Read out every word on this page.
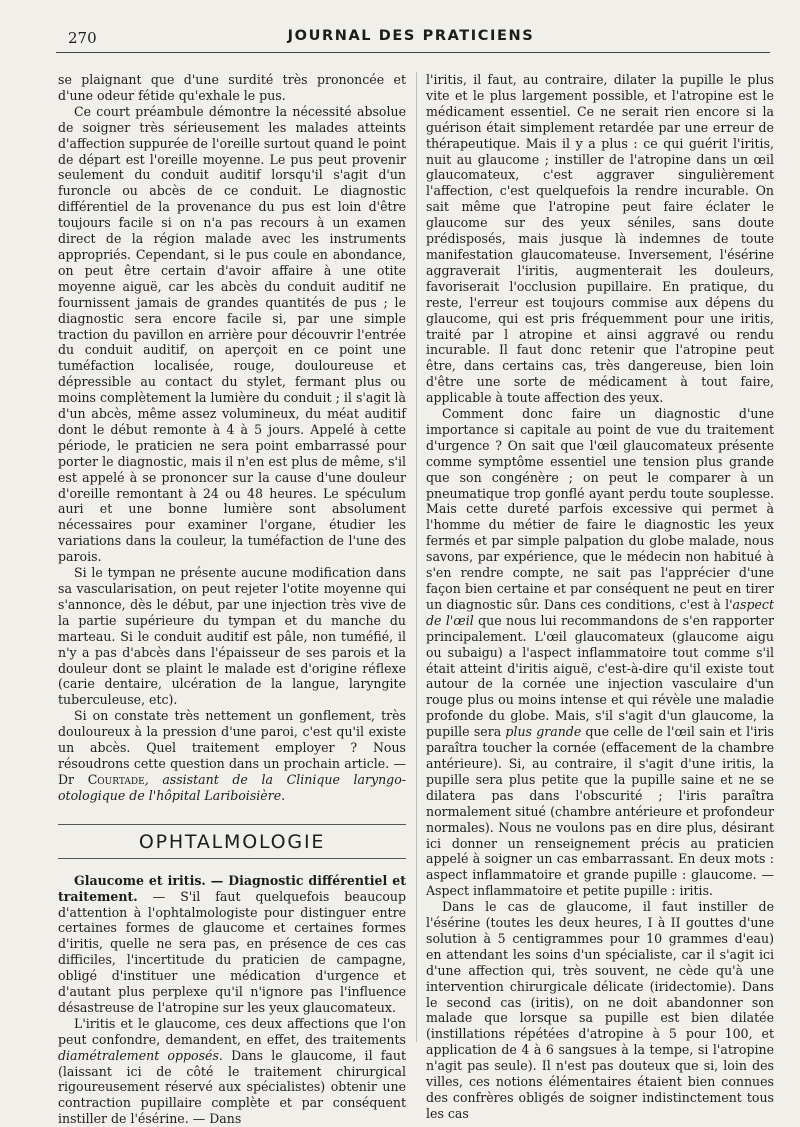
270	JOURNAL DES PRATICIENS

se plaignant que d'une surdité très prononcée et d'une odeur fétide qu'exhale le pus.

Ce court préambule démontre la nécessité absolue de soigner très sérieusement les malades atteints d'affection suppurée de l'oreille surtout quand le point de départ est l'oreille moyenne. Le pus peut provenir seulement du conduit auditif lorsqu'il s'agit d'un furoncle ou abcès de ce conduit. Le diagnostic différentiel de la provenance du pus est loin d'être toujours facile si on n'a pas recours à un examen direct de la région malade avec les instruments appropriés. Cependant, si le pus coule en abondance, on peut être certain d'avoir affaire à une otite moyenne aiguë, car les abcès du conduit auditif ne fournissent jamais de grandes quantités de pus ; le diagnostic sera encore facile si, par une simple traction du pavillon en arrière pour découvrir l'entrée du conduit auditif, on aperçoit en ce point une tuméfaction localisée, rouge, douloureuse et dépressible au contact du stylet, fermant plus ou moins complètement la lumière du conduit ; il s'agit là d'un abcès, même assez volumineux, du méat auditif dont le début remonte à 4 à 5 jours. Appelé à cette période, le praticien ne sera point embarrassé pour porter le diagnostic, mais il n'en est plus de même, s'il est appelé à se prononcer sur la cause d'une douleur d'oreille remontant à 24 ou 48 heures. Le spéculum auri et une bonne lumière sont absolument nécessaires pour examiner l'organe, étudier les variations dans la couleur, la tuméfaction de l'une des parois.

Si le tympan ne présente aucune modification dans sa vascularisation, on peut rejeter l'otite moyenne qui s'annonce, dès le début, par une injection très vive de la partie supérieure du tympan et du manche du marteau. Si le conduit auditif est pâle, non tuméfié, il n'y a pas d'abcès dans l'épaisseur de ses parois et la douleur dont se plaint le malade est d'origine réflexe (carie dentaire, ulcération de la langue, laryngite tuberculeuse, etc).

Si on constate très nettement un gonflement, très douloureux à la pression d'une paroi, c'est qu'il existe un abcès. Quel traitement employer ? Nous résoudrons cette question dans un prochain article. — Dr Courtade, assistant de la Clinique laryngo-otologique de l'hôpital Lariboisière.

OPHTALMOLOGIE

Glaucome et iritis. — Diagnostic différentiel et traitement. — S'il faut quelquefois beaucoup d'attention à l'ophtalmologiste pour distinguer entre certaines formes de glaucome et certaines formes d'iritis, quelle ne sera pas, en présence de ces cas difficiles, l'incertitude du praticien de campagne, obligé d'instituer une médication d'urgence et d'autant plus perplexe qu'il n'ignore pas l'influence désastreuse de l'atropine sur les yeux glaucomateux.

L'iritis et le glaucome, ces deux affections que l'on peut confondre, demandent, en effet, des traitements diamétralement opposés. Dans le glaucome, il faut (laissant ici de côté le traitement chirurgical rigoureusement réservé aux spécialistes) obtenir une contraction pupillaire complète et par conséquent instiller de l'ésérine. — Dans

l'iritis, il faut, au contraire, dilater la pupille le plus vite et le plus largement possible, et l'atropine est le médicament essentiel. Ce ne serait rien encore si la guérison était simplement retardée par une erreur de thérapeutique. Mais il y a plus : ce qui guérit l'iritis, nuit au glaucome ; instiller de l'atropine dans un œil glaucomateux, c'est aggraver singulièrement l'affection, c'est quelquefois la rendre incurable. On sait même que l'atropine peut faire éclater le glaucome sur des yeux séniles, sans doute prédisposés, mais jusque là indemnes de toute manifestation glaucomateuse. Inversement, l'ésérine aggraverait l'iritis, augmenterait les douleurs, favoriserait l'occlusion pupillaire. En pratique, du reste, l'erreur est toujours commise aux dépens du glaucome, qui est pris fréquemment pour une iritis, traité par l atropine et ainsi aggravé ou rendu incurable. Il faut donc retenir que l'atropine peut être, dans certains cas, très dangereuse, bien loin d'être une sorte de médicament à tout faire, applicable à toute affection des yeux.

Comment donc faire un diagnostic d'une importance si capitale au point de vue du traitement d'urgence ? On sait que l'œil glaucomateux présente comme symptôme essentiel une tension plus grande que son congénère ; on peut le comparer à un pneumatique trop gonflé ayant perdu toute souplesse. Mais cette dureté parfois excessive qui permet à l'homme du métier de faire le diagnostic les yeux fermés et par simple palpation du globe malade, nous savons, par expérience, que le médecin non habitué à s'en rendre compte, ne sait pas l'apprécier d'une façon bien certaine et par conséquent ne peut en tirer un diagnostic sûr. Dans ces conditions, c'est à l'aspect de l'œil que nous lui recommandons de s'en rapporter principalement. L'œil glaucomateux (glaucome aigu ou subaigu) a l'aspect inflammatoire tout comme s'il était atteint d'iritis aiguë, c'est-à-dire qu'il existe tout autour de la cornée une injection vasculaire d'un rouge plus ou moins intense et qui révèle une maladie profonde du globe. Mais, s'il s'agit d'un glaucome, la pupille sera plus grande que celle de l'œil sain et l'iris paraîtra toucher la cornée (effacement de la chambre antérieure). Si, au contraire, il s'agit d'une iritis, la pupille sera plus petite que la pupille saine et ne se dilatera pas dans l'obscurité ; l'iris paraîtra normalement situé (chambre antérieure et profondeur normales). Nous ne voulons pas en dire plus, désirant ici donner un renseignement précis au praticien appelé à soigner un cas embarrassant. En deux mots : aspect inflammatoire et grande pupille : glaucome. — Aspect inflammatoire et petite pupille : iritis.

Dans le cas de glaucome, il faut instiller de l'ésérine (toutes les deux heures, I à II gouttes d'une solution à 5 centigrammes pour 10 grammes d'eau) en attendant les soins d'un spécialiste, car il s'agit ici d'une affection qui, très souvent, ne cède qu'à une intervention chirurgicale délicate (iridectomie). Dans le second cas (iritis), on ne doit abandonner son malade que lorsque sa pupille est bien dilatée (instillations répétées d'atropine à 5 pour 100, et application de 4 à 6 sangsues à la tempe, si l'atropine n'agit pas seule). Il n'est pas douteux que si, loin des villes, ces notions élémentaires étaient bien connues des confrères obligés de soigner indistinctement tous les cas
